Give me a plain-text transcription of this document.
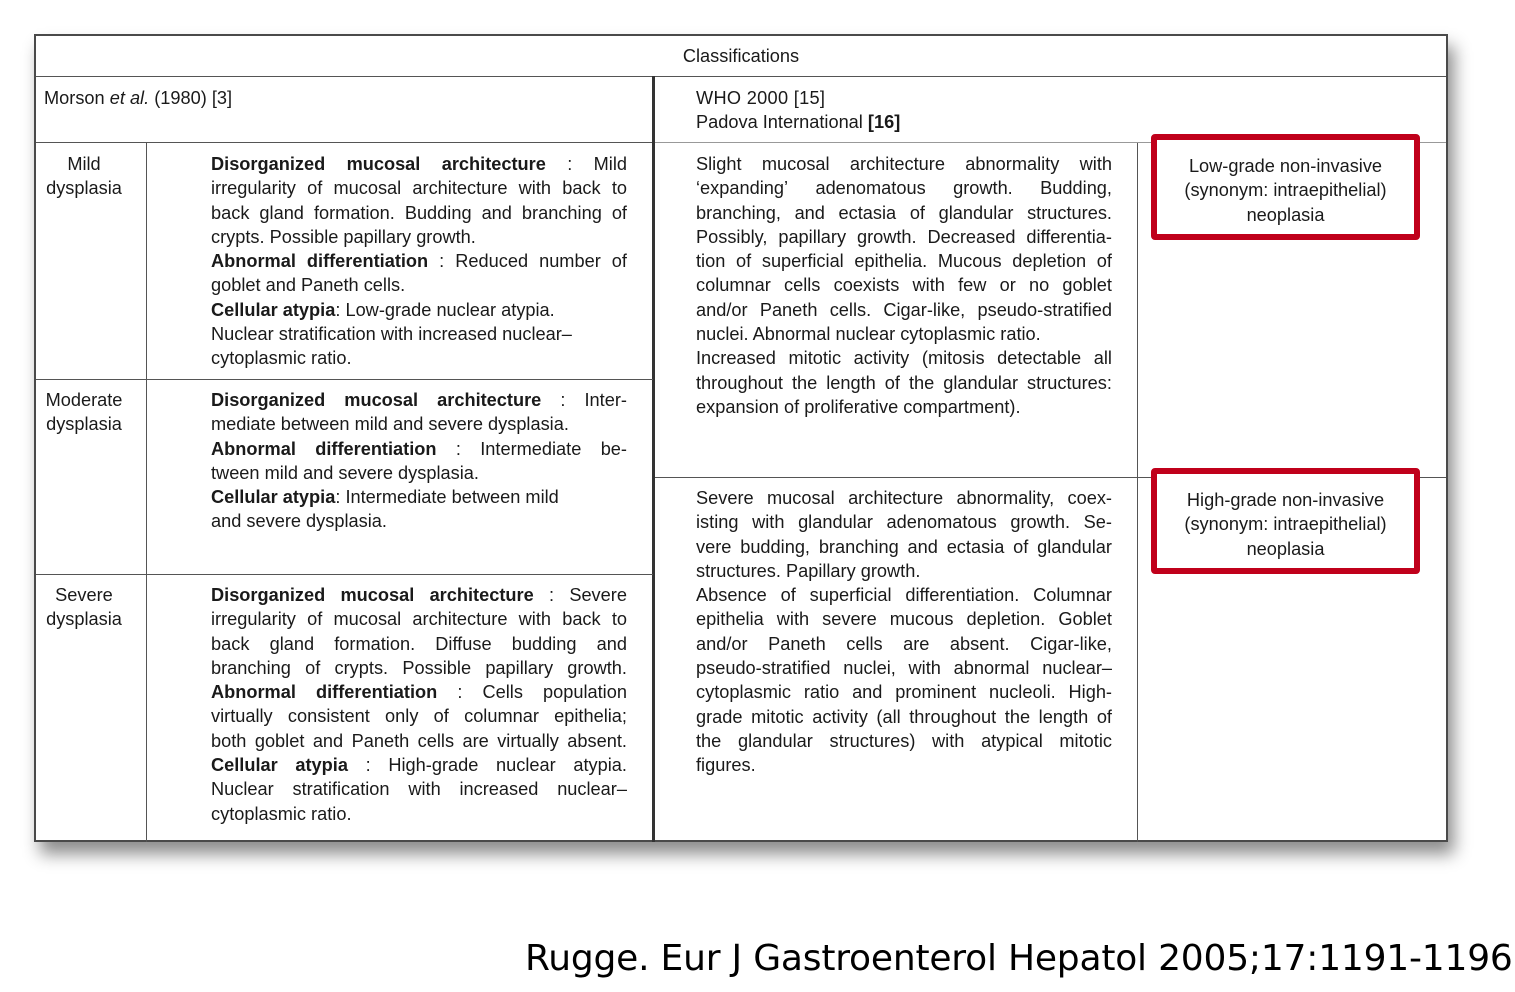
Classifications
Morson et al. (1980) [3]	WHO 2000 [15]
Padova International [16]
Mild
dysplasia
Moderate
dysplasia
Severe
dysplasia
Disorganized mucosal architecture : Mild
irregularity of mucosal architecture with back to
back gland formation. Budding and branching of
crypts. Possible papillary growth.
Abnormal differentiation : Reduced number of
goblet and Paneth cells.
Cellular atypia: Low-grade nuclear atypia.
Nuclear stratification with increased nuclear–
cytoplasmic ratio.
Disorganized mucosal architecture : Inter-
mediate between mild and severe dysplasia.
Abnormal differentiation : Intermediate be-
tween mild and severe dysplasia.
Cellular atypia: Intermediate between mild
and severe dysplasia.
Disorganized mucosal architecture : Severe
irregularity of mucosal architecture with back to
back gland formation. Diffuse budding and
branching of crypts. Possible papillary growth.
Abnormal differentiation : Cells population
virtually consistent only of columnar epithelia;
both goblet and Paneth cells are virtually absent.
Cellular atypia : High-grade nuclear atypia.
Nuclear stratification with increased nuclear–
cytoplasmic ratio.
Slight mucosal architecture abnormality with
‘expanding’ adenomatous growth. Budding,
branching, and ectasia of glandular structures.
Possibly, papillary growth. Decreased differentia-
tion of superficial epithelia. Mucous depletion of
columnar cells coexists with few or no goblet
and/or Paneth cells. Cigar-like, pseudo-stratified
nuclei. Abnormal nuclear cytoplasmic ratio.
Increased mitotic activity (mitosis detectable all
throughout the length of the glandular structures:
expansion of proliferative compartment).
Severe mucosal architecture abnormality, coex-
isting with glandular adenomatous growth. Se-
vere budding, branching and ectasia of glandular
structures. Papillary growth.
Absence of superficial differentiation. Columnar
epithelia with severe mucous depletion. Goblet
and/or Paneth cells are absent. Cigar-like,
pseudo-stratified nuclei, with abnormal nuclear–
cytoplasmic ratio and prominent nucleoli. High-
grade mitotic activity (all throughout the length of
the glandular structures) with atypical mitotic
figures.
Low-grade non-invasive
(synonym: intraepithelial)
neoplasia
High-grade non-invasive
(synonym: intraepithelial)
neoplasia
Rugge. Eur J Gastroenterol Hepatol 2005;17:1191-1196
